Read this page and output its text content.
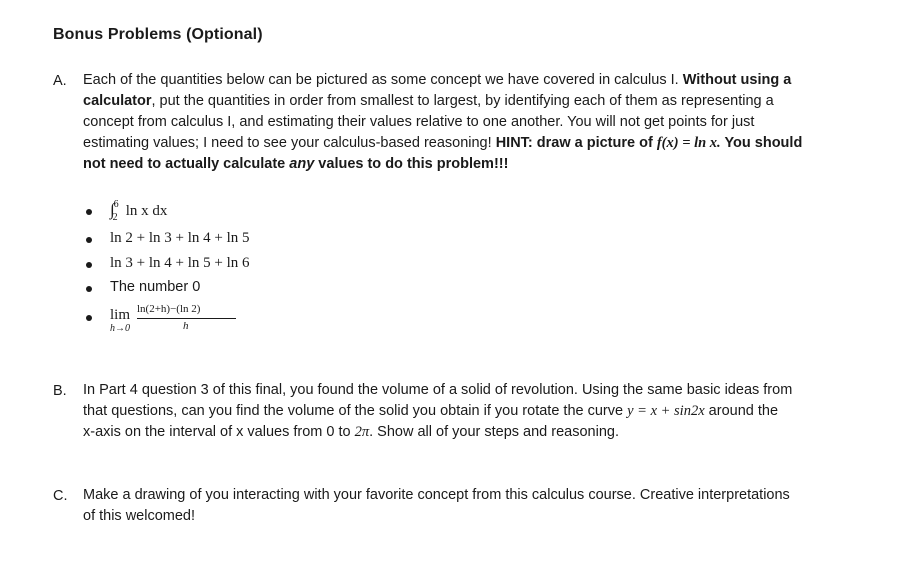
Bonus Problems (Optional)
A. Each of the quantities below can be pictured as some concept we have covered in calculus I. Without using a
calculator, put the quantities in order from smallest to largest, by identifying each of them as representing a
concept from calculus I, and estimating their values relative to one another. You will not get points for just
estimating values; I need to see your calculus-based reasoning! HINT: draw a picture of f(x) = ln x. You should
not need to actually calculate any values to do this problem!!!
∫$^6_2$ ln x dx
ln 2 + ln 3 + ln 4 + ln 5
ln 3 + ln 4 + ln 5 + ln 6
The number 0
lim
h→0
ln(2+h)−(ln 2)
h
B. In Part 4 question 3 of this final, you found the volume of a solid of revolution. Using the same basic ideas from
that questions, can you find the volume of the solid you obtain if you rotate the curve y = x + sin2x around the
x-axis on the interval of x values from 0 to 2π. Show all of your steps and reasoning.
C. Make a drawing of you interacting with your favorite concept from this calculus course. Creative interpretations
of this welcomed!
